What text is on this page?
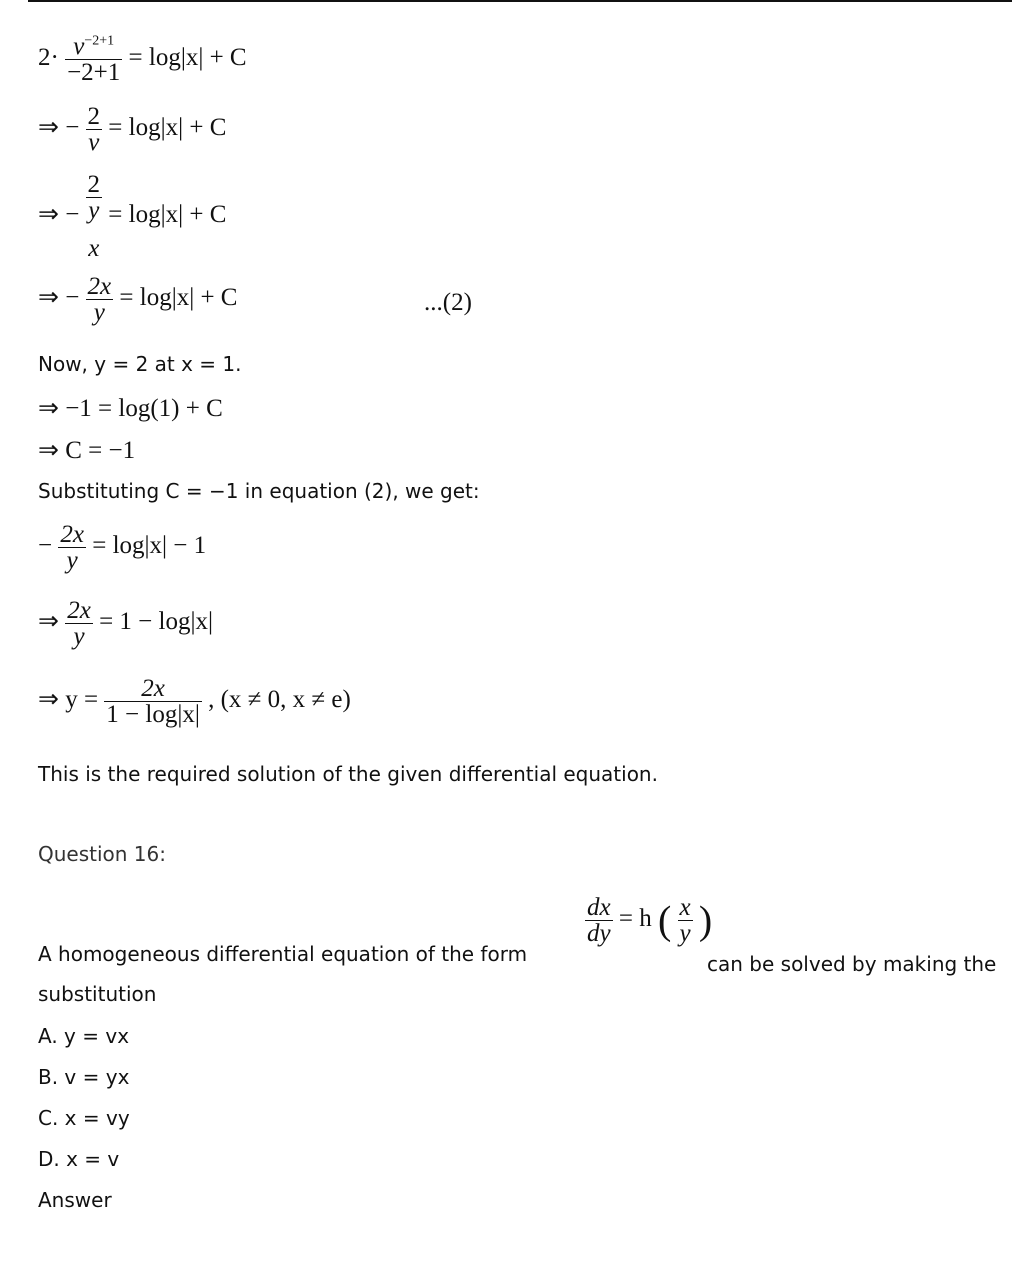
$2\cdot \frac{v^{-2+1}}{-2+1} = \log|x| + C$
⇒ − $\frac{2}{v} = \log|x| + C$
⇒ − 2
y
x = log|x| + C
⇒ − $\frac{2x}{y} = \log|x| + C$	...(2)
Now, y = 2 at x = 1.
⇒ −1 = log(1) + C
⇒ C = −1
Substituting C = −1 in equation (2), we get:
− $\frac{2x}{y} = \log|x| - 1$
⇒ $\frac{2x}{y} = 1 - \log|x|$
⇒ $y = \frac{2x}{1 - \log|x|}$ , (x ≠ 0, x ≠ e)
This is the required solution of the given differential equation.
Question 16:
$\frac{dx}{dy} = h$ ( $\frac{x}{y}$ )
A homogeneous differential equation of the form	can be solved by making the
substitution
A. y = vx
B. v = yx
C. x = vy
D. x = v
Answer
